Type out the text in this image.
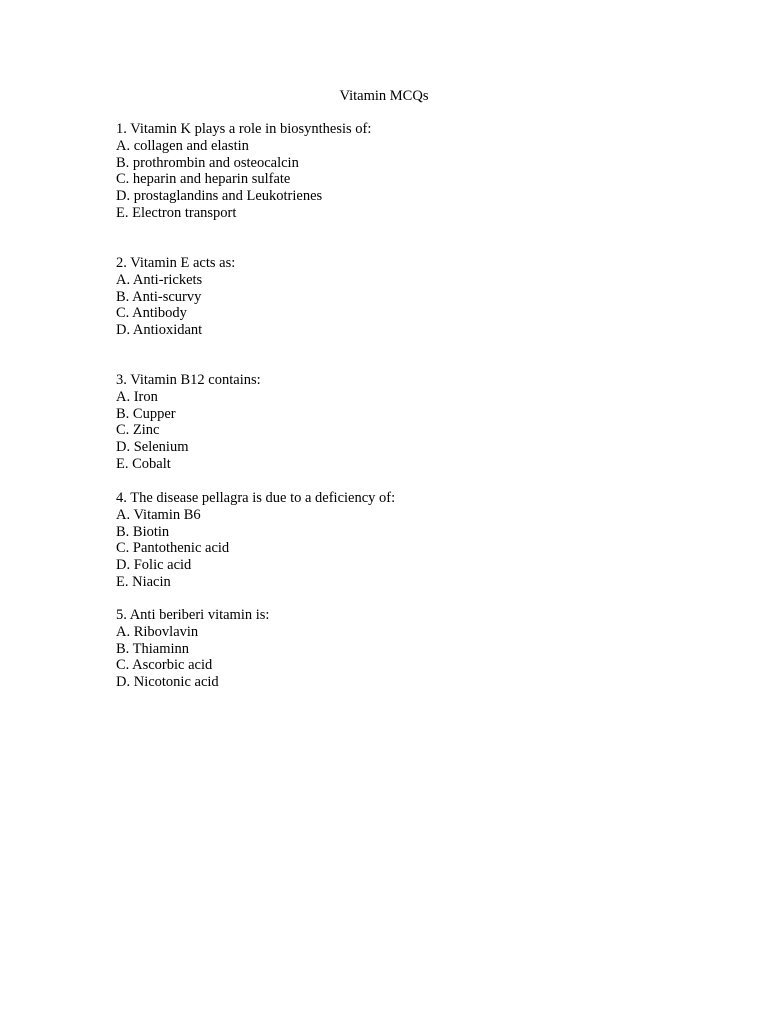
Vitamin MCQs
1. Vitamin K plays a role in biosynthesis of:
A. collagen and elastin
B. prothrombin and osteocalcin
C. heparin and heparin sulfate
D. prostaglandins and Leukotrienes
E. Electron transport
2. Vitamin E acts as:
A. Anti-rickets
B. Anti-scurvy
C. Antibody
D. Antioxidant
3. Vitamin B12 contains:
A. Iron
B. Cupper
C. Zinc
D. Selenium
E. Cobalt
4. The disease pellagra is due to a deficiency of:
A. Vitamin B6
B. Biotin
C. Pantothenic acid
D. Folic acid
E. Niacin
5. Anti beriberi vitamin is:
A. Ribovlavin
B. Thiaminn
C. Ascorbic acid
D. Nicotonic acid
